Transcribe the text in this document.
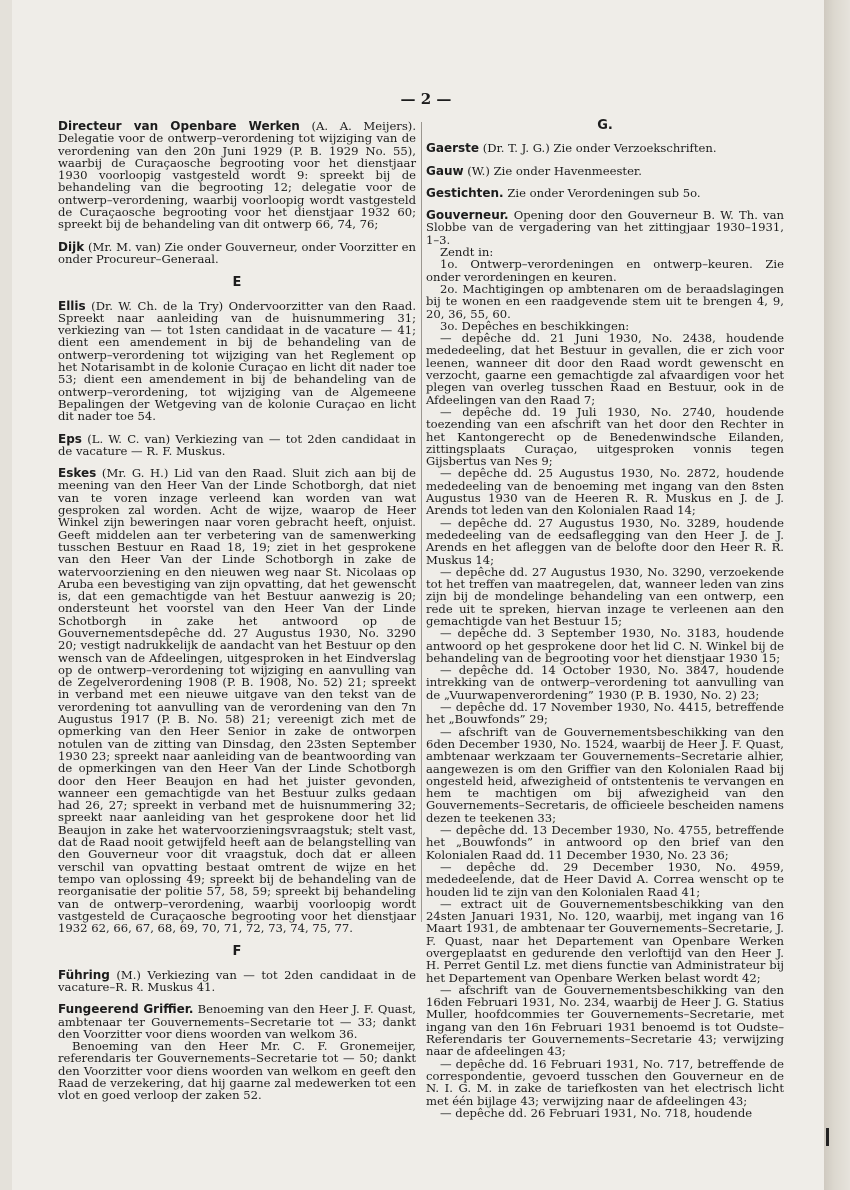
— 2 —

Directeur van Openbare Werken (A. A. Meijers). Delegatie voor de ontwerp–verordening tot wijziging van de verordening van den 20n Juni 1929 (P. B. 1929 No. 55), waarbij de Curaçaosche begrooting voor het dienstjaar 1930 voorloopig vastgesteld wordt 9: spreekt bij de behandeling van die begrooting 12; delegatie voor de ontwerp–verordening, waarbij voorloopig wordt vastgesteld de Curaçaosche begrooting voor het dienstjaar 1932 60; spreekt bij de behandeling van dit ontwerp 66, 74, 76;

Dijk (Mr. M. van) Zie onder Gouverneur, onder Voorzitter en onder Procureur–Generaal.

E

Ellis (Dr. W. Ch. de la Try) Ondervoorzitter van den Raad. Spreekt naar aanleiding van de huisnummering 31; verkiezing van — tot 1sten candidaat in de vacature — 41; dient een amendement in bij de behandeling van de ontwerp–verordening tot wijziging van het Reglement op het Notarisambt in de kolonie Curaçao en licht dit nader toe 53; dient een amendement in bij de behandeling van de ontwerp–verordening, tot wijziging van de Algemeene Bepalingen der Wetgeving van de kolonie Curaçao en licht dit nader toe 54.

Eps (L. W. C. van) Verkiezing van — tot 2den candidaat in de vacature — R. F. Muskus.

Eskes (Mr. G. H.) Lid van den Raad. Sluit zich aan bij de meening van den Heer Van der Linde Schotborgh, dat niet van te voren inzage verleend kan worden van wat gesproken zal worden. Acht de wijze, waarop de Heer Winkel zijn beweringen naar voren gebracht heeft, onjuist. Geeft middelen aan ter verbetering van de samenwerking tusschen Bestuur en Raad 18, 19; ziet in het gesprokene van den Heer Van der Linde Schotborgh in zake de watervoorziening en den nieuwen weg naar St. Nicolaas op Aruba een bevestiging van zijn opvatting, dat het gewenscht is, dat een gemachtigde van het Bestuur aanwezig is 20; ondersteunt het voorstel van den Heer Van der Linde Schotborgh in zake het antwoord op de Gouvernementsdepêche dd. 27 Augustus 1930, No. 3290 20; vestigt nadrukkelijk de aandacht van het Bestuur op den wensch van de Afdeelingen, uitgesproken in het Eindverslag op de ontwerp–verordening tot wijziging en aanvulling van de Zegelverordening 1908 (P. B. 1908, No. 52) 21; spreekt in verband met een nieuwe uitgave van den tekst van de verordening tot aanvulling van de verordening van den 7n Augustus 1917 (P. B. No. 58) 21; vereenigt zich met de opmerking van den Heer Senior in zake de ontworpen notulen van de zitting van Dinsdag, den 23sten September 1930 23; spreekt naar aanleiding van de beantwoording van de opmerkingen van den Heer Van der Linde Schotborgh door den Heer Beaujon en had het juister gevonden, wanneer een gemachtigde van het Bestuur zulks gedaan had 26, 27; spreekt in verband met de huisnummering 32; spreekt naar aanleiding van het gesprokene door het lid Beaujon in zake het watervoorzieningsvraagstuk; stelt vast, dat de Raad nooit getwijfeld heeft aan de belangstelling van den Gouverneur voor dit vraagstuk, doch dat er alleen verschil van opvatting bestaat omtrent de wijze en het tempo van oplossing 49; spreekt bij de behandeling van de reorganisatie der politie 57, 58, 59; spreekt bij behandeling van de ontwerp–verordening, waarbij voorloopig wordt vastgesteld de Curaçaosche begrooting voor het dienstjaar 1932 62, 66, 67, 68, 69, 70, 71, 72, 73, 74, 75, 77.

F

Führing (M.) Verkiezing van — tot 2den candidaat in de vacature–R. R. Muskus 41.

Fungeerend Griffier. Benoeming van den Heer J. F. Quast, ambtenaar ter Gouvernements–Secretarie tot — 33; dankt den Voorzitter voor diens woorden van welkom 36.

Benoeming van den Heer Mr. C. F. Gronemeijer, referendaris ter Gouvernements–Secretarie tot — 50; dankt den Voorzitter voor diens woorden van welkom en geeft den Raad de verzekering, dat hij gaarne zal medewerken tot een vlot en goed verloop der zaken 52.

G.

Gaerste (Dr. T. J. G.) Zie onder Verzoekschriften.

Gauw (W.) Zie onder Havenmeester.

Gestichten. Zie onder Verordeningen sub 5o.

Gouverneur. Opening door den Gouverneur B. W. Th. van Slobbe van de vergadering van het zittingjaar 1930–1931, 1–3.

Zendt in:

1o. Ontwerp–verordeningen en ontwerp–keuren. Zie onder verordeningen en keuren.

2o. Machtigingen op ambtenaren om de beraadslagingen bij te wonen en een raadgevende stem uit te brengen 4, 9, 20, 36, 55, 60.

3o. Depêches en beschikkingen:

— depêche dd. 21 Juni 1930, No. 2438, houdende mededeeling, dat het Bestuur in gevallen, die er zich voor leenen, wanneer dit door den Raad wordt gewenscht en verzocht, gaarne een gemachtigde zal afvaardigen voor het plegen van overleg tusschen Raad en Bestuur, ook in de Afdeelingen van den Raad 7;

— depêche dd. 19 Juli 1930, No. 2740, houdende toezending van een afschrift van het door den Rechter in het Kantongerecht op de Benedenwindsche Eilanden, zittingsplaats Curaçao, uitgesproken vonnis tegen Gijsbertus van Nes 9;

— depêche dd. 25 Augustus 1930, No. 2872, houdende mededeeling van de benoeming met ingang van den 8sten Augustus 1930 van de Heeren R. R. Muskus en J. de J. Arends tot leden van den Kolonialen Raad 14;

— depêche dd. 27 Augustus 1930, No. 3289, houdende mededeeling van de eedsaflegging van den Heer J. de J. Arends en het afleggen van de belofte door den Heer R. R. Muskus 14;

— depêche dd. 27 Augustus 1930, No. 3290, verzoekende tot het treffen van maatregelen, dat, wanneer leden van zins zijn bij de mondelinge behandeling van een ontwerp, een rede uit te spreken, hiervan inzage te verleenen aan den gemachtigde van het Bestuur 15;

— depêche dd. 3 September 1930, No. 3183, houdende antwoord op het gesprokene door het lid C. N. Winkel bij de behandeling van de begrooting voor het dienstjaar 1930 15;

— depêche dd. 14 October 1930, No. 3847, houdende intrekking van de ontwerp–verordening tot aanvulling van de „Vuurwapenverordening” 1930 (P. B. 1930, No. 2) 23;

— depêche dd. 17 November 1930, No. 4415, betreffende het „Bouwfonds” 29;

— afschrift van de Gouvernementsbeschikking van den 6den December 1930, No. 1524, waarbij de Heer J. F. Quast, ambtenaar werkzaam ter Gouvernements–Secretarie alhier, aangewezen is om den Griffier van den Kolonialen Raad bij ongesteld heid, afwezigheid of ontstentenis te vervangen en hem te machtigen om bij afwezigheid van den Gouvernements–Secretaris, de officieele bescheiden namens dezen te teekenen 33;

— depêche dd. 13 December 1930, No. 4755, betreffende het „Bouwfonds” in antwoord op den brief van den Kolonialen Raad dd. 11 December 1930, No. 23 36;

— depêche dd. 29 December 1930, No. 4959, mededeelende, dat de Heer David A. Correa wenscht op te houden lid te zijn van den Kolonialen Raad 41;

— extract uit de Gouvernementsbeschikking van den 24sten Januari 1931, No. 120, waarbij, met ingang van 16 Maart 1931, de ambtenaar ter Gouvernements–Secretarie, J. F. Quast, naar het Departement van Openbare Werken overgeplaatst en gedurende den verloftijd van den Heer J. H. Perret Gentil Lz. met diens functie van Administrateur bij het Departement van Openbare Werken belast wordt 42;

— afschrift van de Gouvernementsbeschikking van den 16den Februari 1931, No. 234, waarbij de Heer J. G. Statius Muller, hoofdcommies ter Gouvernements–Secretarie, met ingang van den 16n Februari 1931 benoemd is tot Oudste–Referendaris ter Gouvernements–Secretarie 43; verwijzing naar de afdeelingen 43;

— depêche dd. 16 Februari 1931, No. 717, betreffende de correspondentie, gevoerd tusschen den Gouverneur en de N. I. G. M. in zake de tariefkosten van het electrisch licht met één bijlage 43; verwijzing naar de afdeelingen 43;

— depêche dd. 26 Februari 1931, No. 718, houdende
